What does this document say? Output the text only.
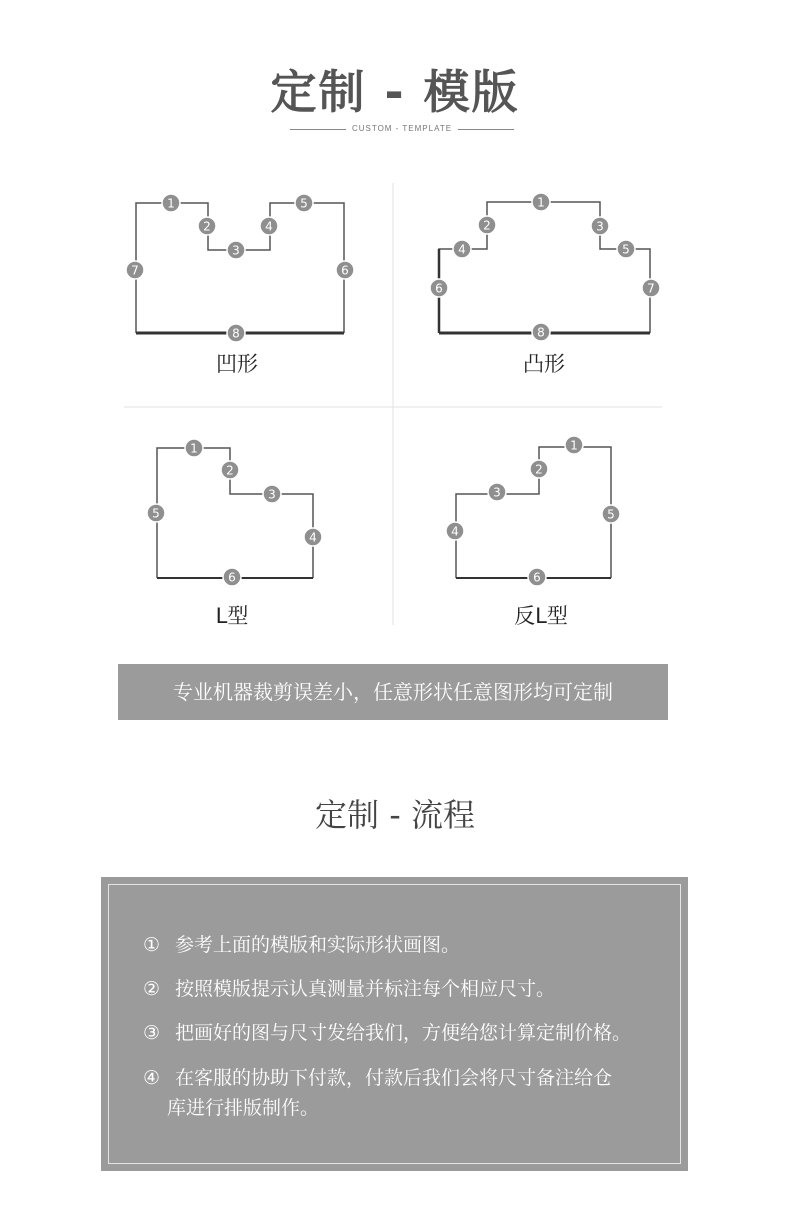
定制 - 模版
CUSTOM - TEMPLATE
1
2
3
4
5
6
7
8
1
2	3
4	5
6	7
8
1
2
3
4
5
6
1
2
3
4
5
6
凹形	凸形
L型	反L型
专业机器裁剪误差小，任意形状任意图形均可定制
定制 - 流程
① 参考上面的模版和实际形状画图。
② 按照模版提示认真测量并标注每个相应尺寸。
③ 把画好的图与尺寸发给我们，方便给您计算定制价格。
④ 在客服的协助下付款，付款后我们会将尺寸备注给仓
库进行排版制作。
